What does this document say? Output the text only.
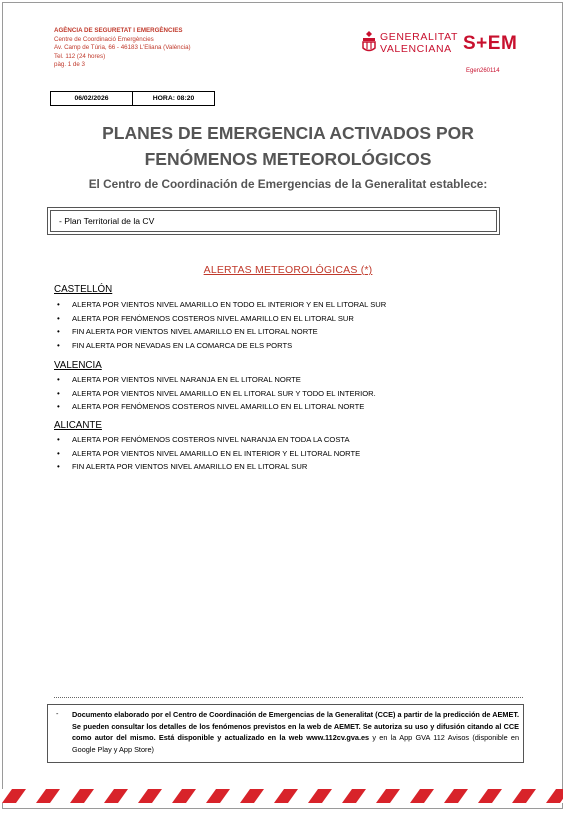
AGÈNCIA DE SEGURETAT I EMERGÈNCIES
Centre de Coordinació Emergències
Av. Camp de Túria, 66 - 46183 L'Eliana (València)
Tel. 112 (24 hores)
pàg. 1 de 3
GENERALITAT
VALENCIANA S+EM
Egen260114
06/02/2026	HORA: 08:20
PLANES DE EMERGENCIA ACTIVADOS POR
FENÓMENOS METEOROLÓGICOS
El Centro de Coordinación de Emergencias de la Generalitat establece:
- Plan Territorial de la CV
ALERTAS METEOROLÓGICAS (*)
CASTELLÓN
• ALERTA POR VIENTOS NIVEL AMARILLO EN TODO EL INTERIOR Y EN EL LITORAL SUR
• ALERTA POR FENÓMENOS COSTEROS NIVEL AMARILLO EN EL LITORAL SUR
• FIN ALERTA POR VIENTOS NIVEL AMARILLO EN EL LITORAL NORTE
• FIN ALERTA POR NEVADAS EN LA COMARCA DE ELS PORTS
VALENCIA
• ALERTA POR VIENTOS NIVEL NARANJA EN EL LITORAL NORTE
• ALERTA POR VIENTOS NIVEL AMARILLO EN EL LITORAL SUR Y TODO EL INTERIOR.
• ALERTA POR FENÓMENOS COSTEROS NIVEL AMARILLO EN EL LITORAL NORTE
ALICANTE
• ALERTA POR FENÓMENOS COSTEROS NIVEL NARANJA EN TODA LA COSTA
• ALERTA POR VIENTOS NIVEL AMARILLO EN EL INTERIOR Y EL LITORAL NORTE
• FIN ALERTA POR VIENTOS NIVEL AMARILLO EN EL LITORAL SUR
- Documento elaborado por el Centro de Coordinación de Emergencias de la Generalitat (CCE) a partir de la predicción de AEMET. Se pueden consultar los detalles de los fenómenos previstos en la web de AEMET. Se autoriza su uso y difusión citando al CCE como autor del mismo. Está disponible y actualizado en la web www.112cv.gva.es y en la App GVA 112 Avisos (disponible en Google Play y App Store)
